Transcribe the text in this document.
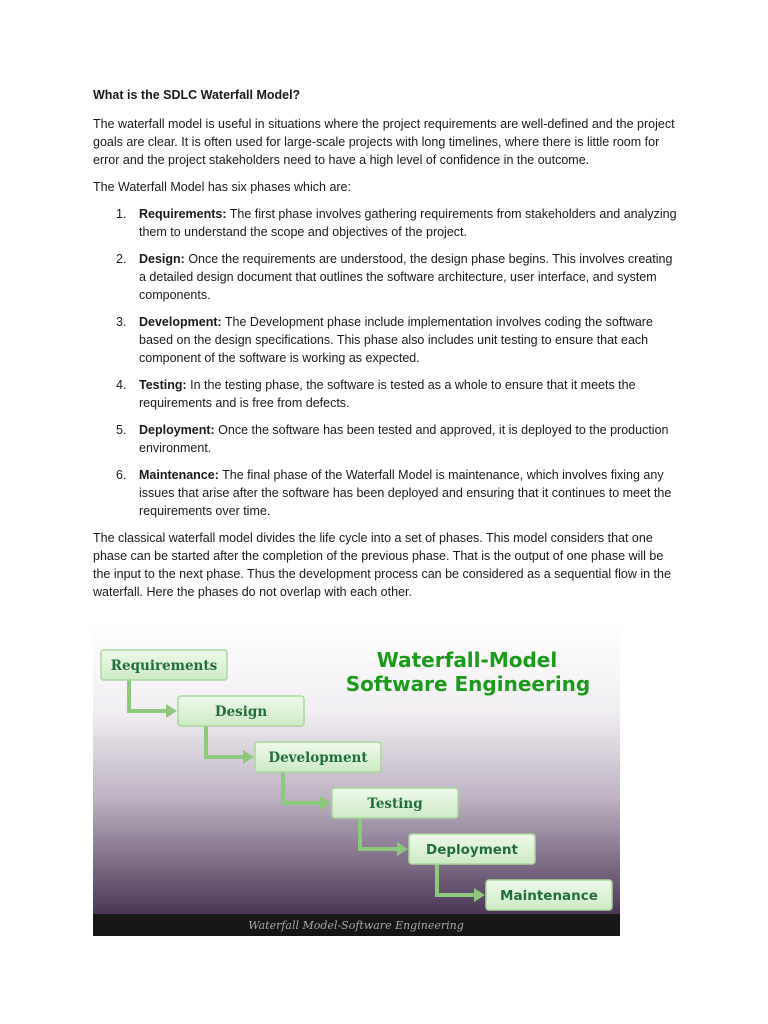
What is the SDLC Waterfall Model?

The waterfall model is useful in situations where the project requirements are well-defined and the project goals are clear. It is often used for large-scale projects with long timelines, where there is little room for error and the project stakeholders need to have a high level of confidence in the outcome.

The Waterfall Model has six phases which are:

1. Requirements: The first phase involves gathering requirements from stakeholders and analyzing them to understand the scope and objectives of the project.
2. Design: Once the requirements are understood, the design phase begins. This involves creating a detailed design document that outlines the software architecture, user interface, and system components.
3. Development: The Development phase include implementation involves coding the software based on the design specifications. This phase also includes unit testing to ensure that each component of the software is working as expected.
4. Testing: In the testing phase, the software is tested as a whole to ensure that it meets the requirements and is free from defects.
5. Deployment: Once the software has been tested and approved, it is deployed to the production environment.
6. Maintenance: The final phase of the Waterfall Model is maintenance, which involves fixing any issues that arise after the software has been deployed and ensuring that it continues to meet the requirements over time.

The classical waterfall model divides the life cycle into a set of phases. This model considers that one phase can be started after the completion of the previous phase. That is the output of one phase will be the input to the next phase. Thus the development process can be considered as a sequential flow in the waterfall. Here the phases do not overlap with each other.

Requirements
Design
Development
Testing
Deployment
Maintenance
Waterfall-Model
Software Engineering
Waterfall Model-Software Engineering
